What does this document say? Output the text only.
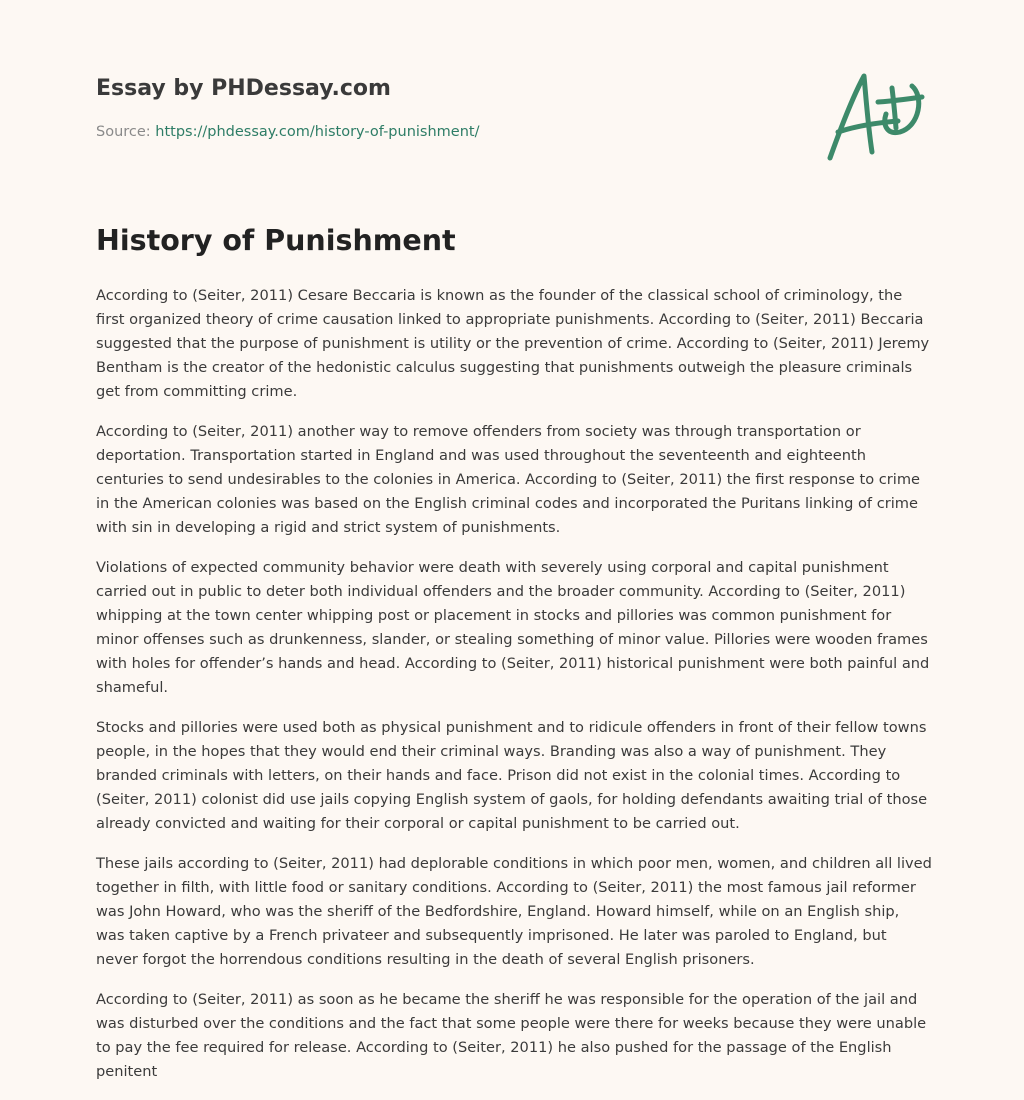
Essay by PHDessay.com
Source: https://phdessay.com/history-of-punishment/
History of Punishment

According to (Seiter, 2011) Cesare Beccaria is known as the founder of the classical school of criminology, the first organized theory of crime causation linked to appropriate punishments. According to (Seiter, 2011) Beccaria suggested that the purpose of punishment is utility or the prevention of crime. According to (Seiter, 2011) Jeremy Bentham is the creator of the hedonistic calculus suggesting that punishments outweigh the pleasure criminals get from committing crime.

According to (Seiter, 2011) another way to remove offenders from society was through transportation or deportation. Transportation started in England and was used throughout the seventeenth and eighteenth centuries to send undesirables to the colonies in America. According to (Seiter, 2011) the first response to crime in the American colonies was based on the English criminal codes and incorporated the Puritans linking of crime with sin in developing a rigid and strict system of punishments.

Violations of expected community behavior were death with severely using corporal and capital punishment carried out in public to deter both individual offenders and the broader community. According to (Seiter, 2011) whipping at the town center whipping post or placement in stocks and pillories was common punishment for minor offenses such as drunkenness, slander, or stealing something of minor value. Pillories were wooden frames with holes for offender’s hands and head. According to (Seiter, 2011) historical punishment were both painful and shameful.

Stocks and pillories were used both as physical punishment and to ridicule offenders in front of their fellow towns people, in the hopes that they would end their criminal ways. Branding was also a way of punishment. They branded criminals with letters, on their hands and face. Prison did not exist in the colonial times. According to (Seiter, 2011) colonist did use jails copying English system of gaols, for holding defendants awaiting trial of those already convicted and waiting for their corporal or capital punishment to be carried out.

These jails according to (Seiter, 2011) had deplorable conditions in which poor men, women, and children all lived together in filth, with little food or sanitary conditions. According to (Seiter, 2011) the most famous jail reformer was John Howard, who was the sheriff of the Bedfordshire, England. Howard himself, while on an English ship, was taken captive by a French privateer and subsequently imprisoned. He later was paroled to England, but never forgot the horrendous conditions resulting in the death of several English prisoners.

According to (Seiter, 2011) as soon as he became the sheriff he was responsible for the operation of the jail and was disturbed over the conditions and the fact that some people were there for weeks because they were unable to pay the fee required for release. According to (Seiter, 2011) he also pushed for the passage of the English penitent
